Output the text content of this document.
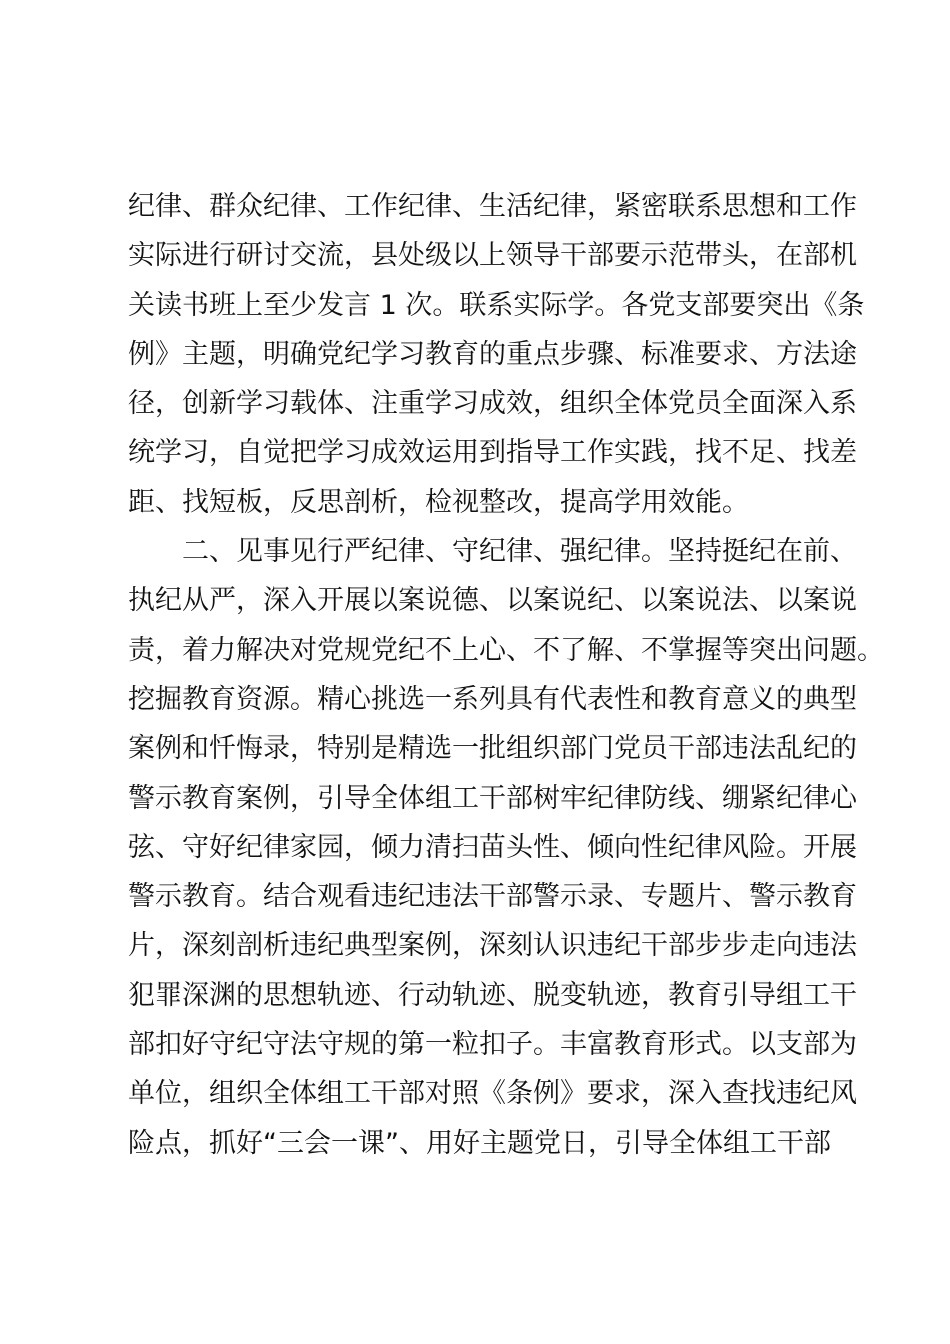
纪律、群众纪律、工作纪律、生活纪律，紧密联系思想和工作
实际进行研讨交流，县处级以上领导干部要示范带头，在部机
关读书班上至少发言 1 次。联系实际学。各党支部要突出《条
例》主题，明确党纪学习教育的重点步骤、标准要求、方法途
径，创新学习载体、注重学习成效，组织全体党员全面深入系
统学习，自觉把学习成效运用到指导工作实践，找不足、找差
距、找短板，反思剖析，检视整改，提高学用效能。
　　二、见事见行严纪律、守纪律、强纪律。坚持挺纪在前、
执纪从严，深入开展以案说德、以案说纪、以案说法、以案说
责，着力解决对党规党纪不上心、不了解、不掌握等突出问题。
挖掘教育资源。精心挑选一系列具有代表性和教育意义的典型
案例和忏悔录，特别是精选一批组织部门党员干部违法乱纪的
警示教育案例，引导全体组工干部树牢纪律防线、绷紧纪律心
弦、守好纪律家园，倾力清扫苗头性、倾向性纪律风险。开展
警示教育。结合观看违纪违法干部警示录、专题片、警示教育
片，深刻剖析违纪典型案例，深刻认识违纪干部步步走向违法
犯罪深渊的思想轨迹、行动轨迹、脱变轨迹，教育引导组工干
部扣好守纪守法守规的第一粒扣子。丰富教育形式。以支部为
单位，组织全体组工干部对照《条例》要求，深入查找违纪风
险点，抓好“三会一课”、用好主题党日，引导全体组工干部
